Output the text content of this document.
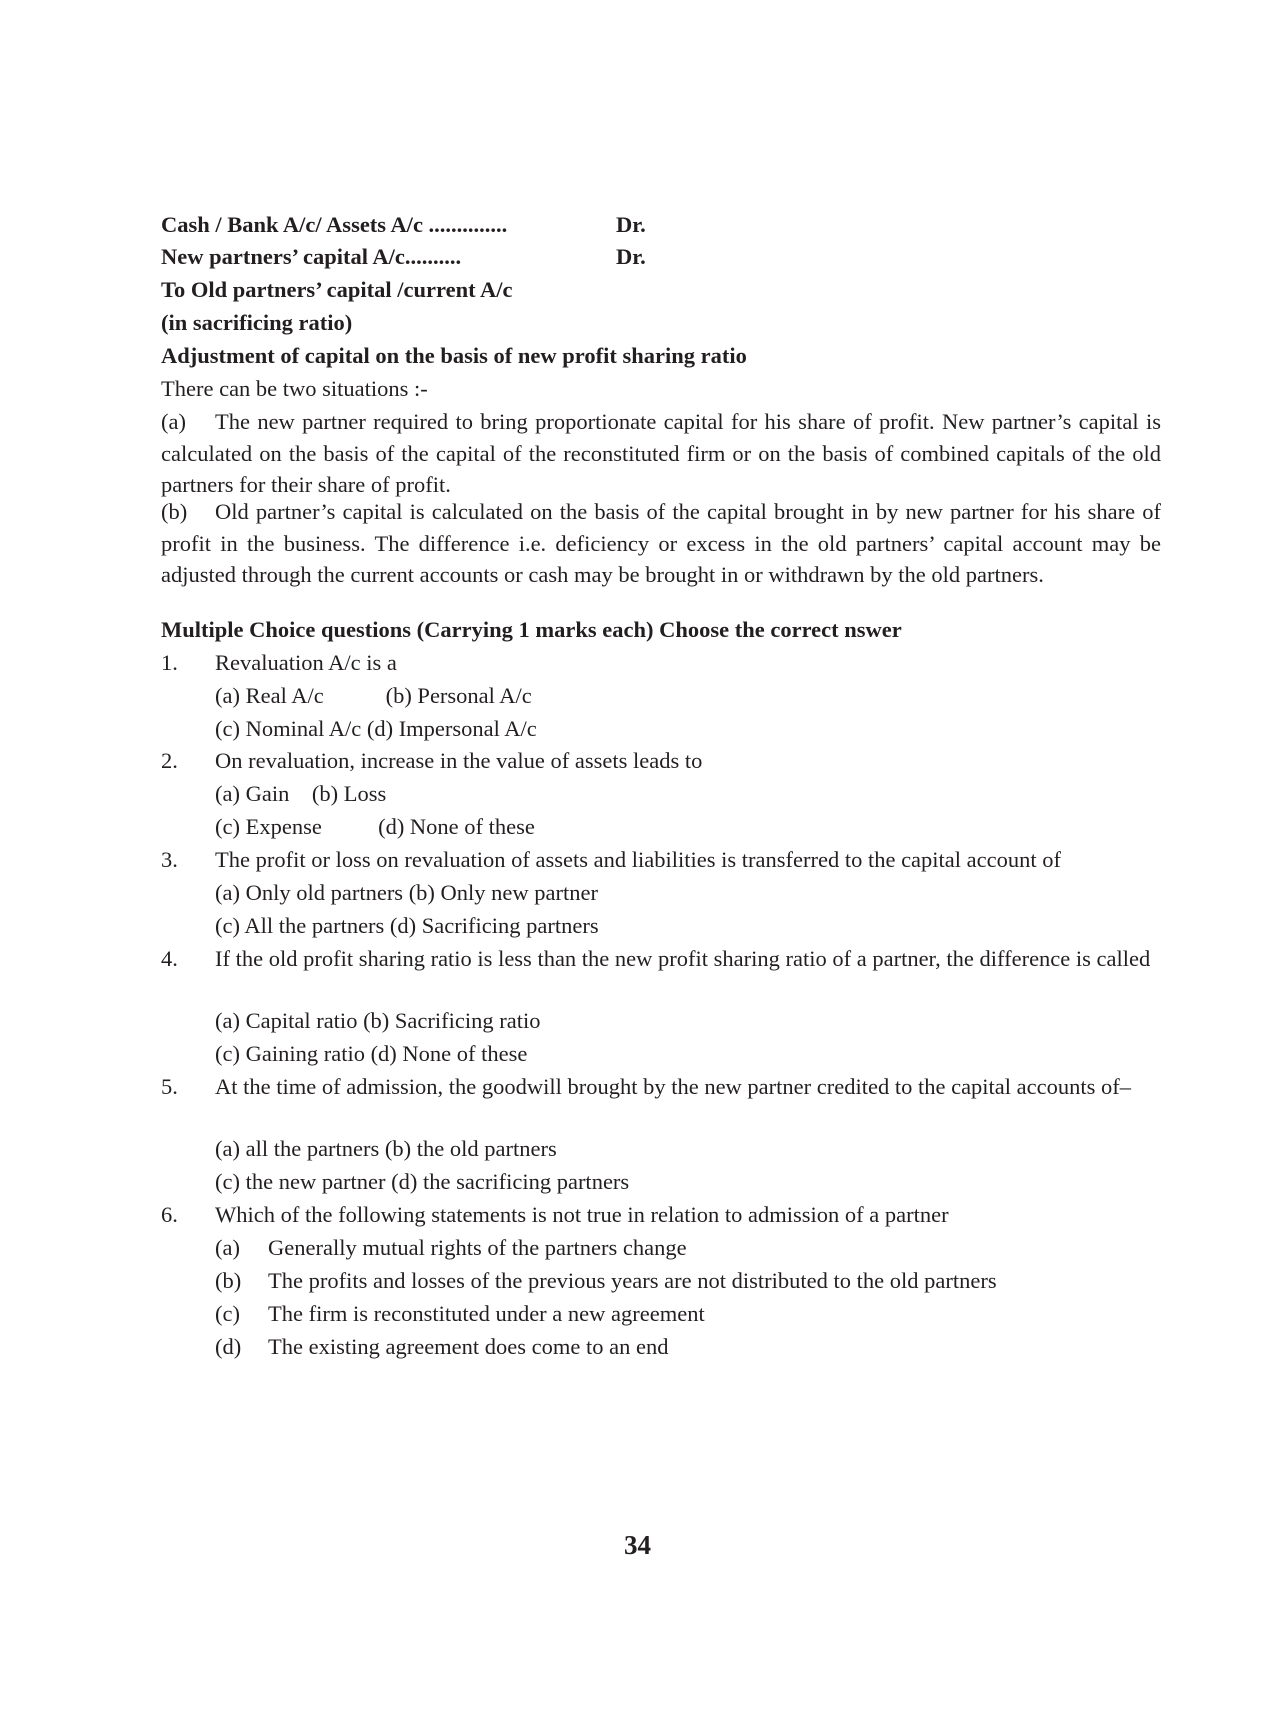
Cash / Bank A/c/ Assets A/c ..............	Dr.
New partners’ capital A/c..........	Dr.
To Old partners’ capital /current A/c
(in sacrificing ratio)
Adjustment of capital on the basis of new profit sharing ratio
There can be two situations :-
(a) The new partner required to bring proportionate capital for his share of profit. New partner’s capital is calculated on the basis of the capital of the reconstituted firm or on the basis of combined capitals of the old partners for their share of profit.
(b) Old partner’s capital is calculated on the basis of the capital brought in by new partner for his share of profit in the business. The difference i.e. deficiency or excess in the old partners’ capital account may be adjusted through the current accounts or cash may be brought in or withdrawn by the old partners.
Multiple Choice questions (Carrying 1 marks each) Choose the correct nswer
1. Revaluation A/c is a
(a) Real A/c           (b) Personal A/c
(c) Nominal A/c (d) Impersonal A/c
2. On revaluation, increase in the value of assets leads to
(a) Gain    (b) Loss
(c) Expense          (d) None of these
3. The profit or loss on revaluation of assets and liabilities is transferred to the capital account of
(a) Only old partners (b) Only new partner
(c) All the partners (d) Sacrificing partners
4. If the old profit sharing ratio is less than the new profit sharing ratio of a partner, the difference is called
(a) Capital ratio (b) Sacrificing ratio
(c) Gaining ratio (d) None of these
5. At the time of admission, the goodwill brought by the new partner credited to the capital accounts of–
(a) all the partners (b) the old partners
(c) the new partner (d) the sacrificing partners
6. Which of the following statements is not true in relation to admission of a partner
(a) Generally mutual rights of the partners change
(b) The profits and losses of the previous years are not distributed to the old partners
(c) The firm is reconstituted under a new agreement
(d) The existing agreement does come to an end
34
